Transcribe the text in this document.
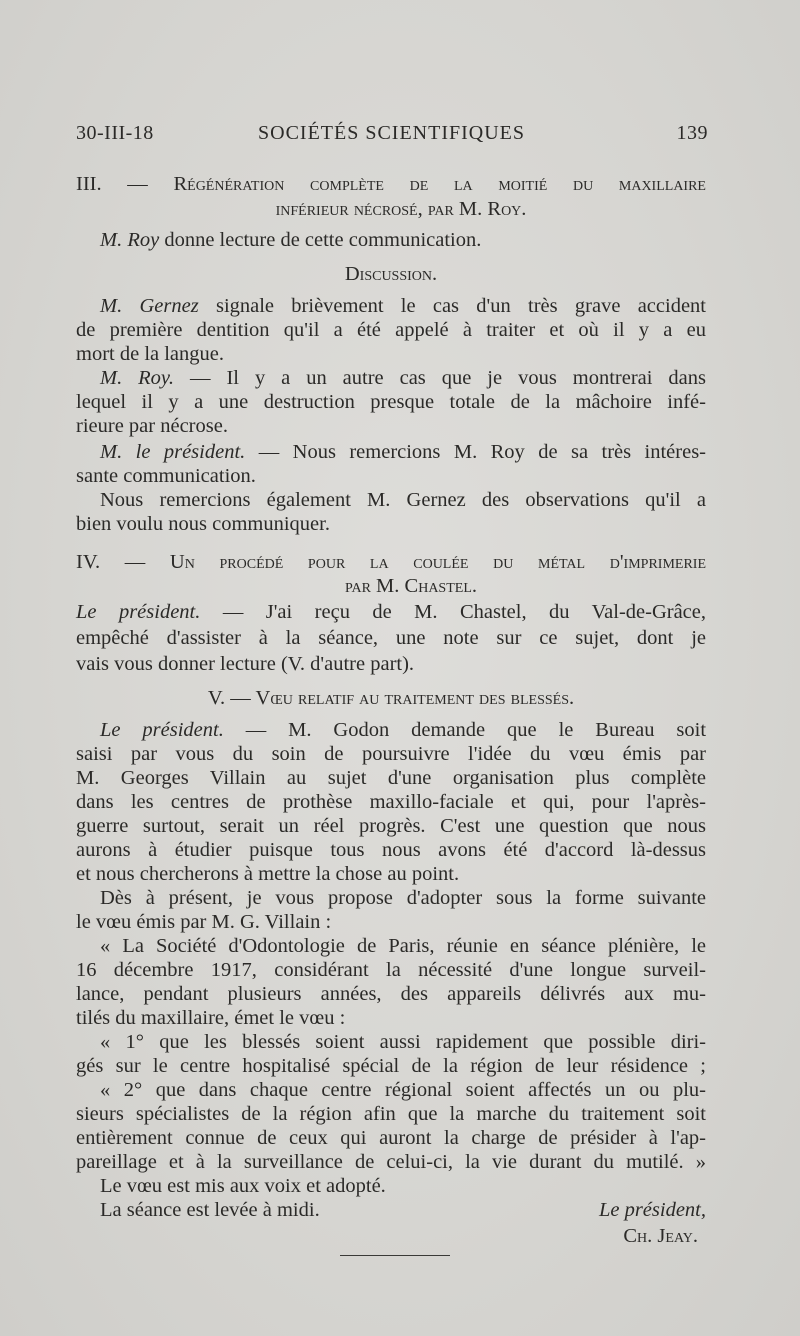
30-III-18	SOCIÉTÉS SCIENTIFIQUES	139
III. — Régénération complète de la moitié du maxillaire
inférieur nécrosé, par M. Roy.
M. Roy donne lecture de cette communication.
Discussion.
M. Gernez signale brièvement le cas d'un très grave accident
de première dentition qu'il a été appelé à traiter et où il y a eu
mort de la langue.
M. Roy. — Il y a un autre cas que je vous montrerai dans
lequel il y a une destruction presque totale de la mâchoire infé-
rieure par nécrose.
M. le président. — Nous remercions M. Roy de sa très intéres-
sante communication.
Nous remercions également M. Gernez des observations qu'il a
bien voulu nous communiquer.
IV. — Un procédé pour la coulée du métal d'imprimerie
par M. Chastel.
Le président. — J'ai reçu de M. Chastel, du Val-de-Grâce,
empêché d'assister à la séance, une note sur ce sujet, dont je
vais vous donner lecture (V. d'autre part).
V. — Vœu relatif au traitement des blessés.
Le président. — M. Godon demande que le Bureau soit
saisi par vous du soin de poursuivre l'idée du vœu émis par
M. Georges Villain au sujet d'une organisation plus complète
dans les centres de prothèse maxillo-faciale et qui, pour l'après-
guerre surtout, serait un réel progrès. C'est une question que nous
aurons à étudier puisque tous nous avons été d'accord là-dessus
et nous chercherons à mettre la chose au point.
Dès à présent, je vous propose d'adopter sous la forme suivante
le vœu émis par M. G. Villain :
« La Société d'Odontologie de Paris, réunie en séance plénière, le
16 décembre 1917, considérant la nécessité d'une longue surveil-
lance, pendant plusieurs années, des appareils délivrés aux mu-
tilés du maxillaire, émet le vœu :
« 1° que les blessés soient aussi rapidement que possible diri-
gés sur le centre hospitalisé spécial de la région de leur résidence ;
« 2° que dans chaque centre régional soient affectés un ou plu-
sieurs spécialistes de la région afin que la marche du traitement soit
entièrement connue de ceux qui auront la charge de présider à l'ap-
pareillage et à la surveillance de celui-ci, la vie durant du mutilé. »
Le vœu est mis aux voix et adopté.
La séance est levée à midi.	Le président,
Ch. Jeay.
